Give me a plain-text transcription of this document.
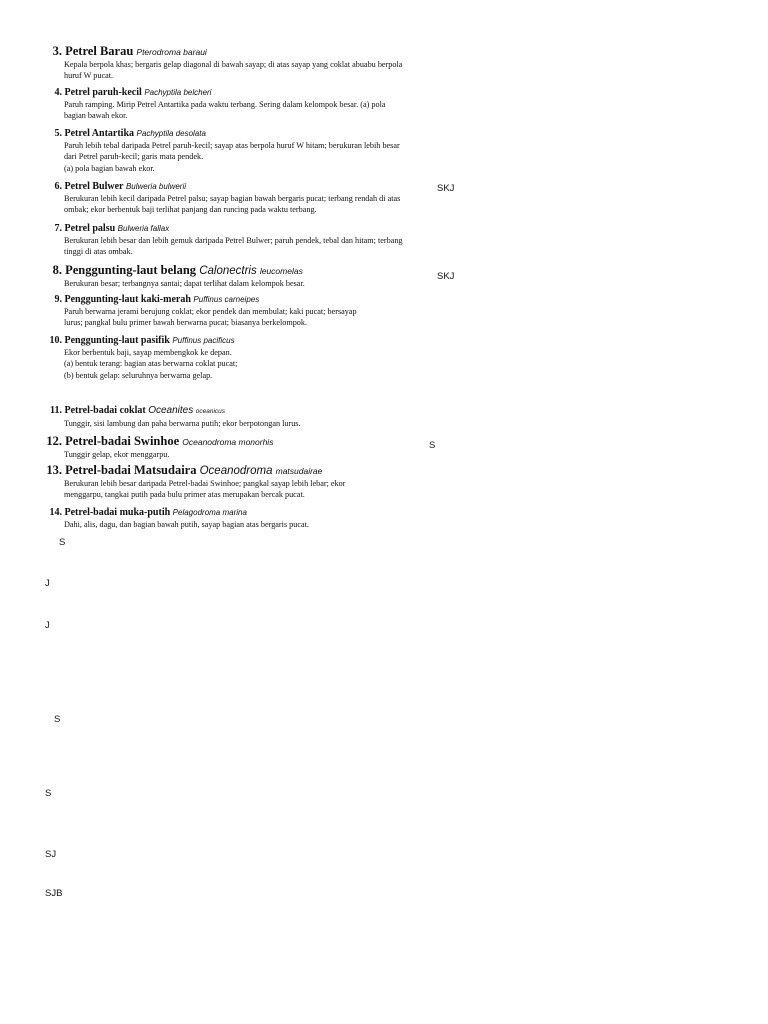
3. Petrel Barau Pterodroma baraui
Kepala berpola khas; bergaris gelap diagonal di bawah sayap; di atas sayap yang coklat abuabu berpola
huruf W pucat.
4. Petrel paruh-kecil Pachyptila belcheri
Paruh ramping. Mirip Petrel Antartika pada waktu terbang. Sering dalam kelompok besar. (a) pola
bagian bawah ekor.
5. Petrel Antartika Pachyptila desolata
Paruh lebih tebal daripada Petrel paruh-kecil; sayap atas berpola huruf W hitam; berukuran lebih besar
dari Petrel paruh-kecil; garis mata pendek.
(a) pola bagian bawah ekor.
6. Petrel Bulwer Bulweria bulwerii
Berukuran lebih kecil daripada Petrel palsu; sayap bagian bawah bergaris pucat; terbang rendah di atas
ombak; ekor berbentuk baji terlihat panjang dan runcing pada waktu terbang.
7. Petrel palsu Bulweria fallax
Berukuran lebih besar dan lebih gemuk daripada Petrel Bulwer; paruh pendek, tebal dan hitam; terbang
tinggi di atas ombak.
8. Penggunting-laut belang Calonectris leucomelas
Berukuran besar; terbangnya santai; dapat terlihat dalam kelompok besar.
9. Penggunting-laut kaki-merah Puffinus carneipes
Paruh berwarna jerami berujung coklat; ekor pendek dan membulat; kaki pucat; bersayap
lurus; pangkal bulu primer bawah berwarna pucat; biasanya berkelompok.
10. Penggunting-laut pasifik Puffinus pacificus
Ekor berbentuk baji, sayap membengkok ke depan.
(a) bentuk terang: bagian atas berwarna coklat pucat;
(b) bentuk gelap: seluruhnya berwarna gelap.
11. Petrel-badai coklat Oceanites oceanicus
Tunggir, sisi lambung dan paha berwarna putih; ekor berpotongan lurus.
12. Petrel-badai Swinhoe Oceanodroma monorhis
Tunggir gelap, ekor menggarpu.
13. Petrel-badai Matsudaira Oceanodroma matsudairae
Berukuran lebih besar daripada Petrel-badai Swinhoe; pangkal sayap lebih lebar; ekor
menggarpu, tangkai putih pada bulu primer atas merupakan bercak pucat.
14. Petrel-badai muka-putih Pelagodroma marina
Dahi, alis, dagu, dan bagian bawah putih, sayap bagian atas bergaris pucat.
SKJ
SKJ
S
S
J
J
S
S
SJ
SJB
